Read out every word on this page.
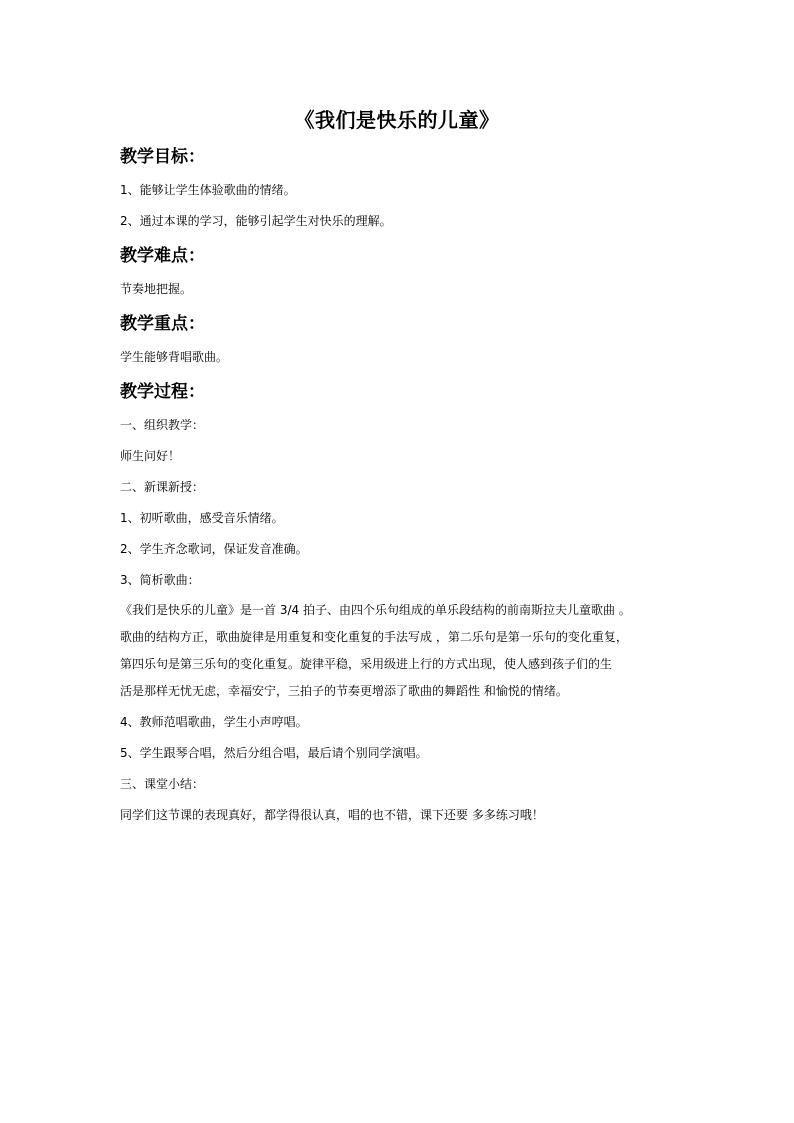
《我们是快乐的儿童》
教学目标：
1、能够让学生体验歌曲的情绪。
2、通过本课的学习，能够引起学生对快乐的理解。
教学难点：
节奏地把握。
教学重点：
学生能够背唱歌曲。
教学过程：
一、组织教学：
师生问好！
二、新课新授：
1、初听歌曲，感受音乐情绪。
2、学生齐念歌词，保证发音准确。
3、简析歌曲：
《我们是快乐的儿童》是一首 3/4 拍子、由四个乐句组成的单乐段结构的前南斯拉夫儿童歌曲 。
歌曲的结构方正，歌曲旋律是用重复和变化重复的手法写成 ，第二乐句是第一乐句的变化重复，
第四乐句是第三乐句的变化重复。旋律平稳，采用级进上行的方式出现，使人感到孩子们的生
活是那样无忧无虑，幸福安宁，三拍子的节奏更增添了歌曲的舞蹈性 和愉悦的情绪。
4、教师范唱歌曲，学生小声哼唱。
5、学生跟琴合唱，然后分组合唱，最后请个别同学演唱。
三、课堂小结：
同学们这节课的表现真好，都学得很认真，唱的也不错，课下还要 多多练习哦！
